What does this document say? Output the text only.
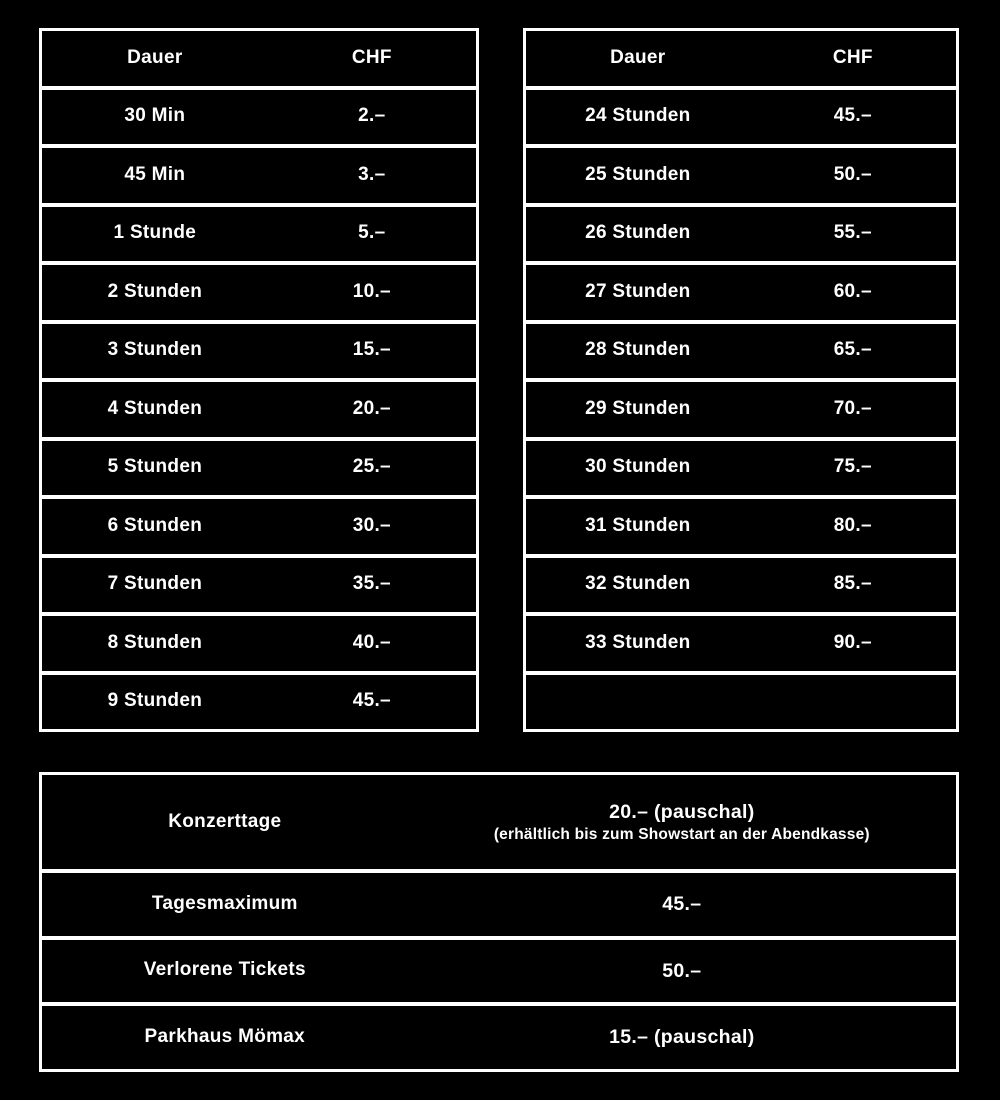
Dauer	CHF
30 Min	2.–
45 Min	3.–
1 Stunde	5.–
2 Stunden	10.–
3 Stunden	15.–
4 Stunden	20.–
5 Stunden	25.–
6 Stunden	30.–
7 Stunden	35.–
8 Stunden	40.–
9 Stunden	45.–
Dauer	CHF
24 Stunden	45.–
25 Stunden	50.–
26 Stunden	55.–
27 Stunden	60.–
28 Stunden	65.–
29 Stunden	70.–
30 Stunden	75.–
31 Stunden	80.–
32 Stunden	85.–
33 Stunden	90.–
Konzerttage	20.– (pauschal)
(erhältlich bis zum Showstart an der Abendkasse)
Tagesmaximum	45.–
Verlorene Tickets	50.–
Parkhaus Mömax	15.– (pauschal)
